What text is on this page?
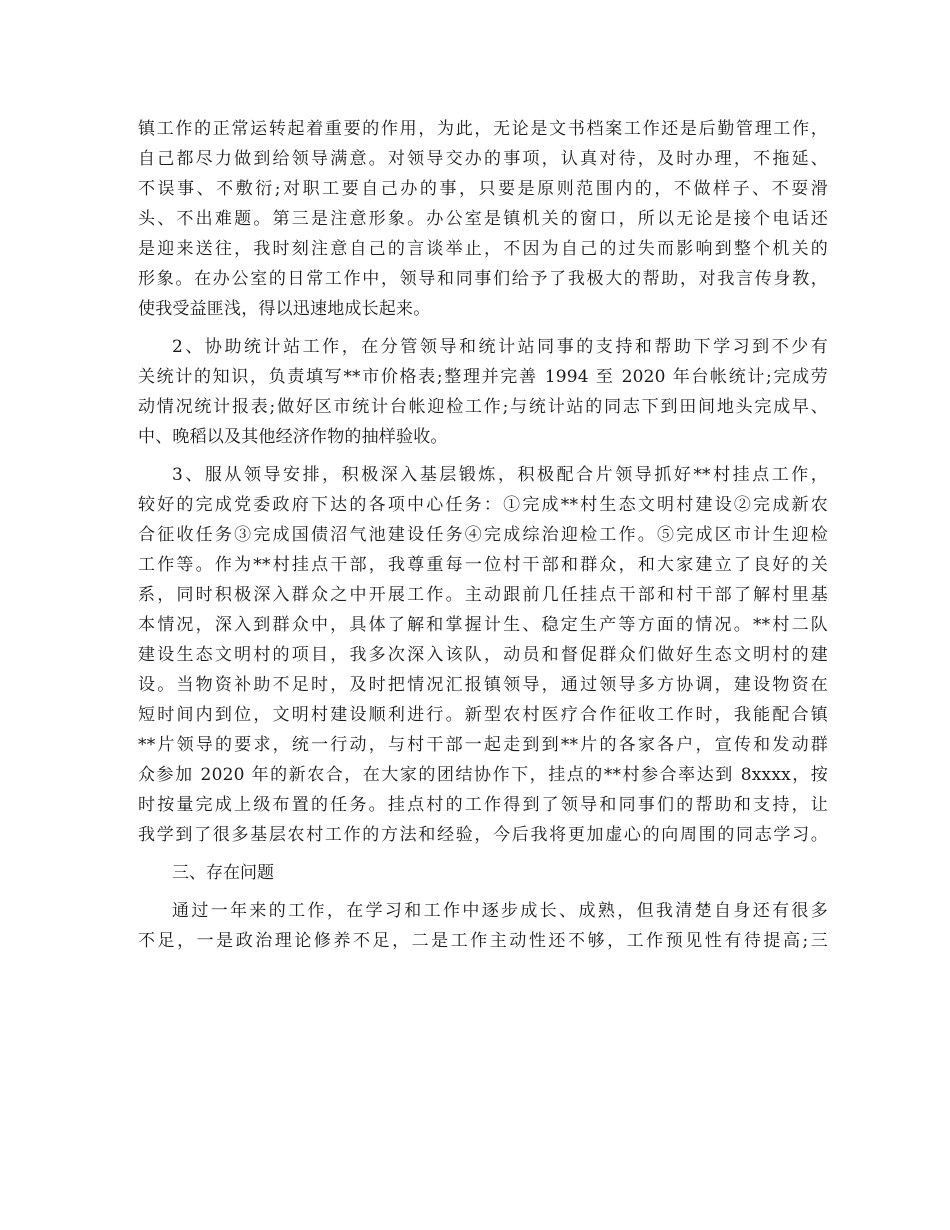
镇工作的正常运转起着重要的作用，为此，无论是文书档案工作还是后勤管理工作，
自己都尽力做到给领导满意。对领导交办的事项，认真对待，及时办理，不拖延、
不误事、不敷衍;对职工要自己办的事，只要是原则范围内的，不做样子、不耍滑
头、不出难题。第三是注意形象。办公室是镇机关的窗口，所以无论是接个电话还
是迎来送往，我时刻注意自己的言谈举止，不因为自己的过失而影响到整个机关的
形象。在办公室的日常工作中，领导和同事们给予了我极大的帮助，对我言传身教，
使我受益匪浅，得以迅速地成长起来。
2、协助统计站工作，在分管领导和统计站同事的支持和帮助下学习到不少有
关统计的知识，负责填写**市价格表;整理并完善 1994 至 2020 年台帐统计;完成劳
动情况统计报表;做好区市统计台帐迎检工作;与统计站的同志下到田间地头完成早、
中、晚稻以及其他经济作物的抽样验收。
3、服从领导安排，积极深入基层锻炼，积极配合片领导抓好**村挂点工作，
较好的完成党委政府下达的各项中心任务：①完成**村生态文明村建设②完成新农
合征收任务③完成国债沼气池建设任务④完成综治迎检工作。⑤完成区市计生迎检
工作等。作为**村挂点干部，我尊重每一位村干部和群众，和大家建立了良好的关
系，同时积极深入群众之中开展工作。主动跟前几任挂点干部和村干部了解村里基
本情况，深入到群众中，具体了解和掌握计生、稳定生产等方面的情况。**村二队
建设生态文明村的项目，我多次深入该队，动员和督促群众们做好生态文明村的建
设。当物资补助不足时，及时把情况汇报镇领导，通过领导多方协调，建设物资在
短时间内到位，文明村建设顺利进行。新型农村医疗合作征收工作时，我能配合镇
**片领导的要求，统一行动，与村干部一起走到到**片的各家各户，宣传和发动群
众参加 2020 年的新农合，在大家的团结协作下，挂点的**村参合率达到 8xxxx，按
时按量完成上级布置的任务。挂点村的工作得到了领导和同事们的帮助和支持，让
我学到了很多基层农村工作的方法和经验，今后我将更加虚心的向周围的同志学习。
三、存在问题
通过一年来的工作，在学习和工作中逐步成长、成熟，但我清楚自身还有很多
不足，一是政治理论修养不足，二是工作主动性还不够，工作预见性有待提高;三
